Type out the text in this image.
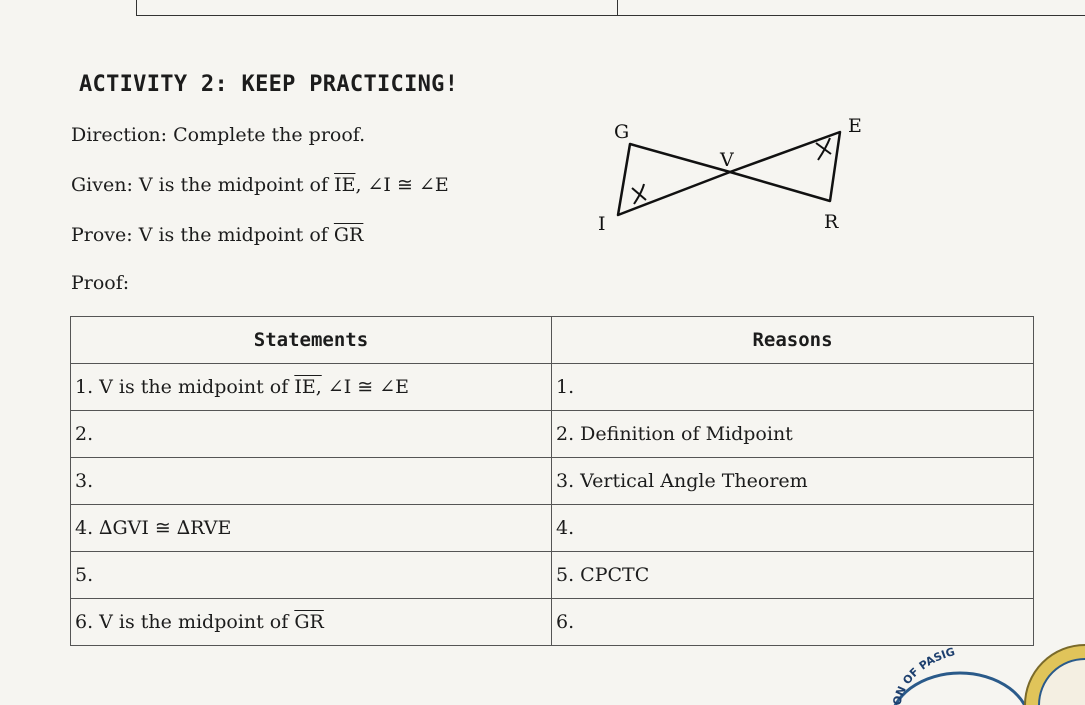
ACTIVITY 2: KEEP PRACTICING!
Direction: Complete the proof.
Given: V is the midpoint of $\overline{IE}$, ∠I ≅ ∠E
Prove: V is the midpoint of $\overline{GR}$
Proof:
G	E
V
I	R
Statements	Reasons
1. V is the midpoint of IE, ∠I ≅ ∠E	1.
2.	2. Definition of Midpoint
3.	3. Vertical Angle Theorem
4. ∆GVI ≅ ∆RVE	4.
5.	5. CPCTC
6. V is the midpoint of $\overline{GR}$	6.
ON OF PASIG
